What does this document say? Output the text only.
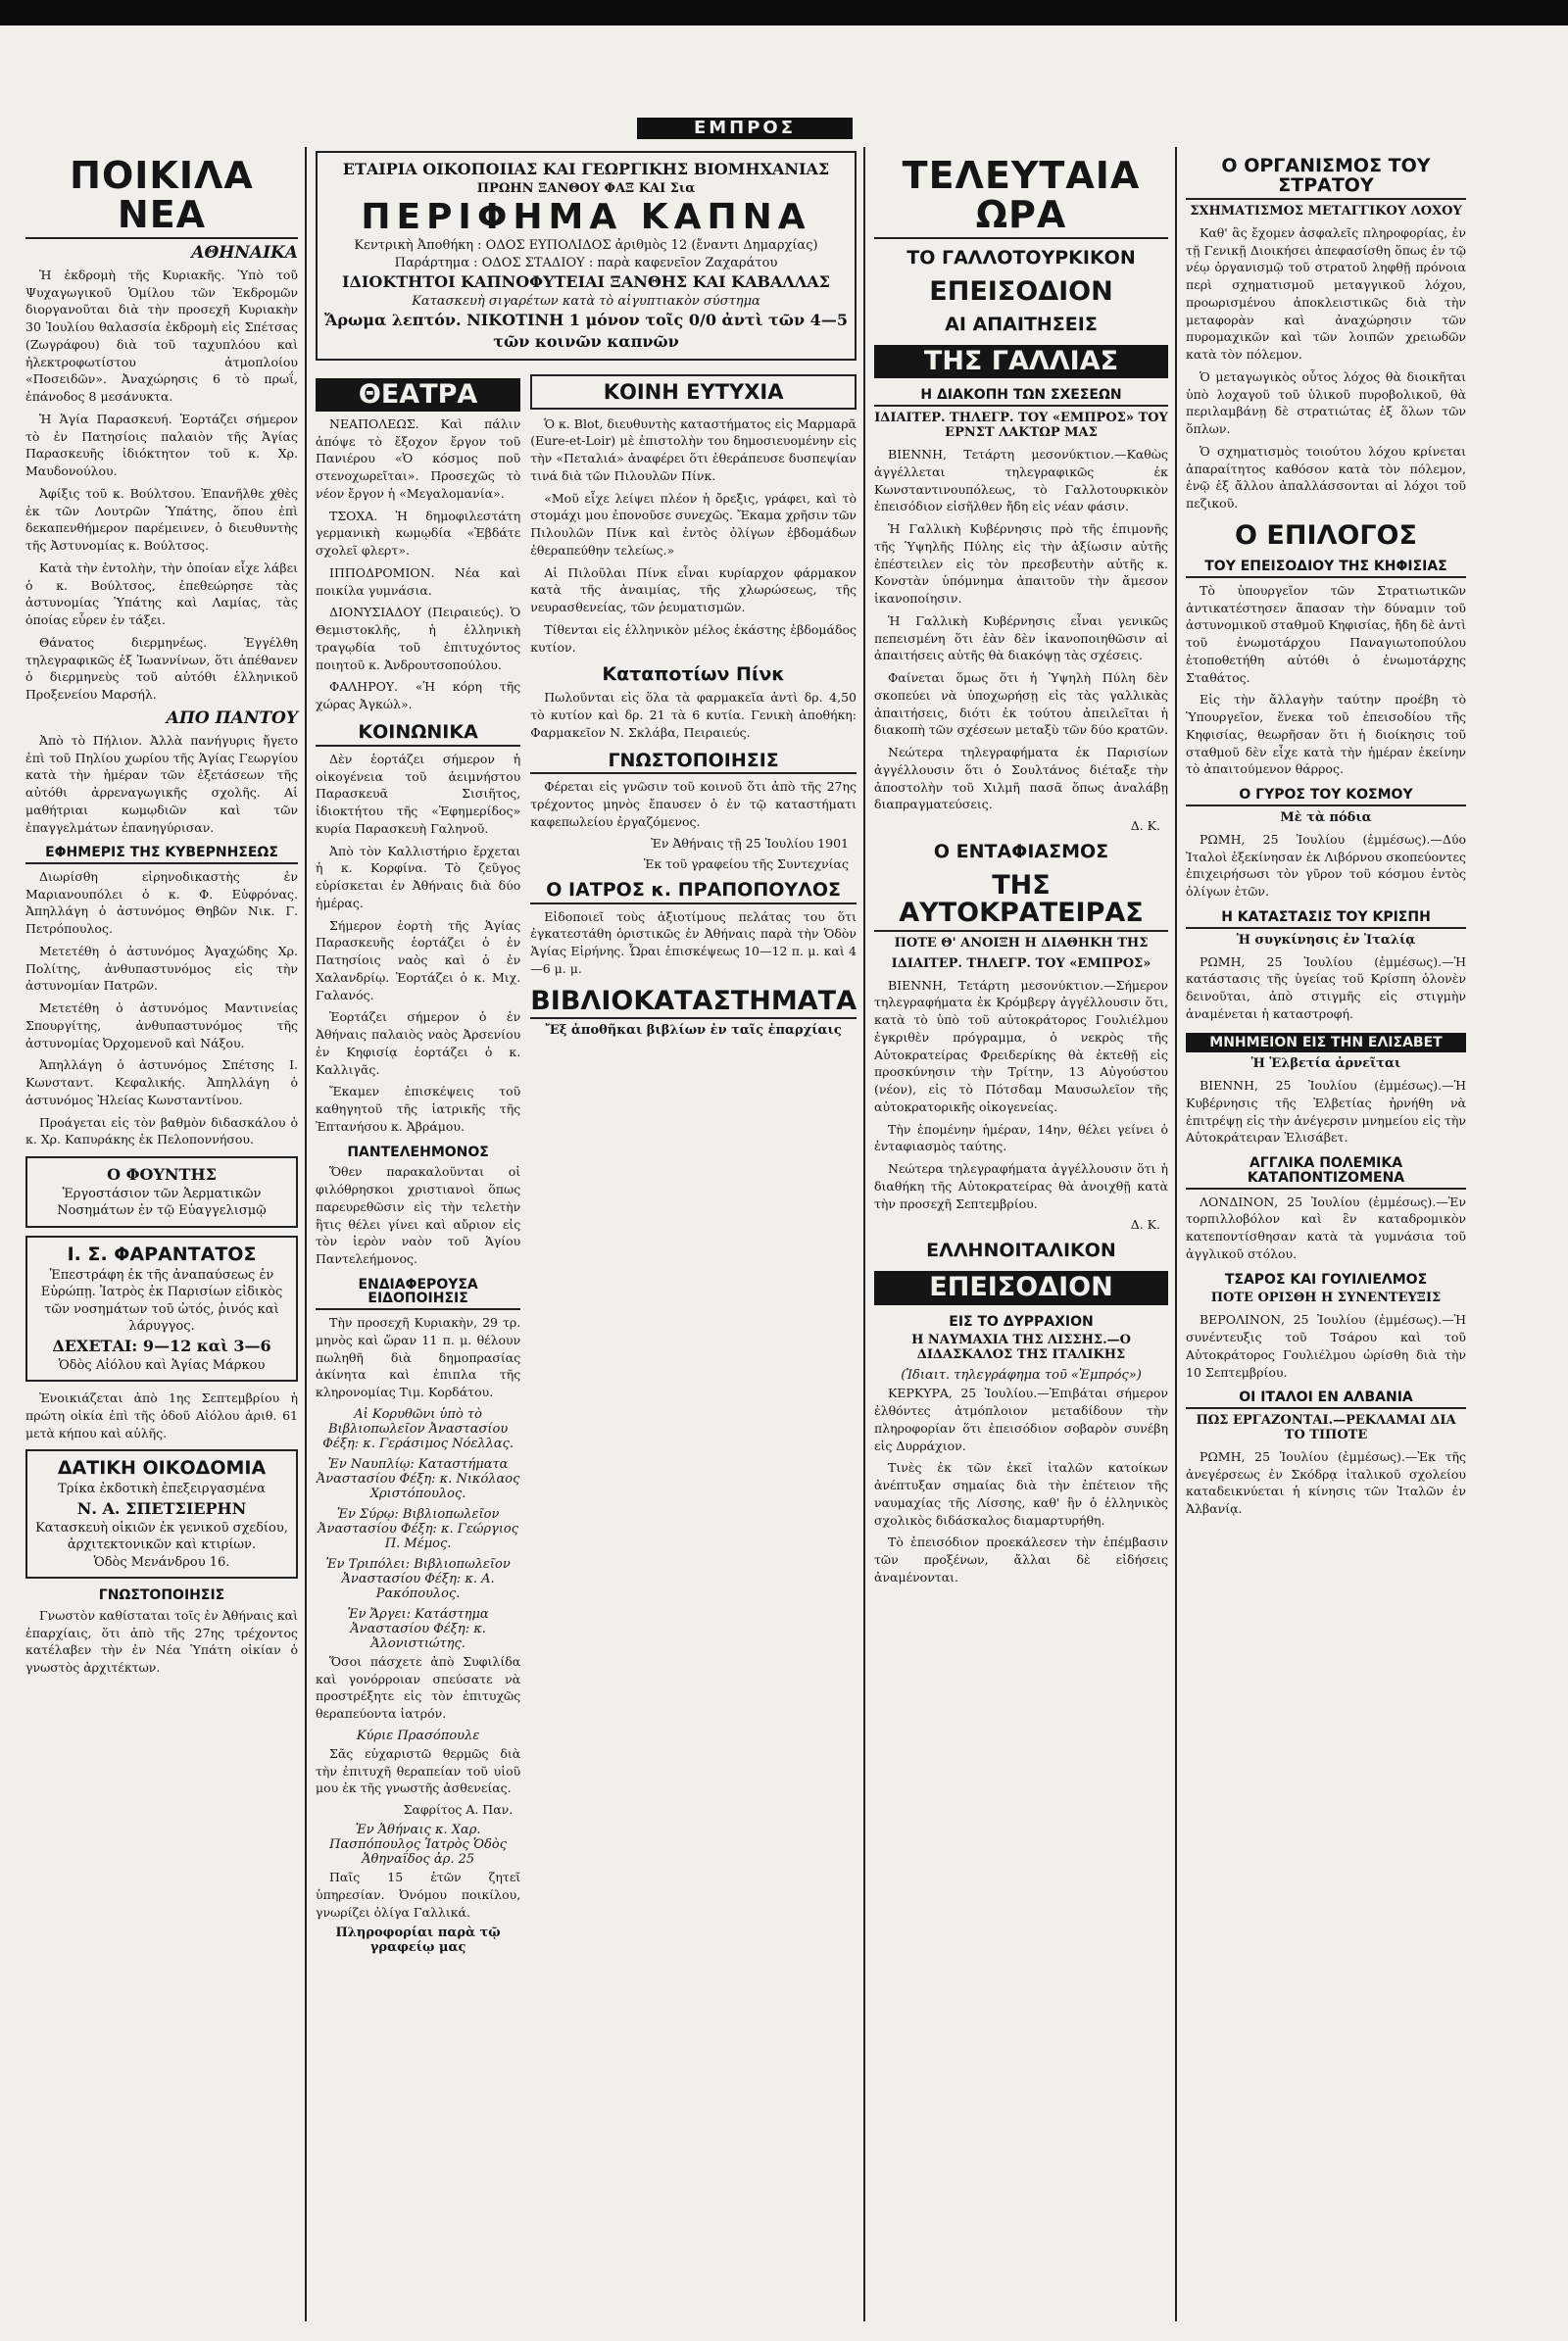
ΕΜΠΡΟΣ
ΠΟΙΚΙΛΑ ΝΕΑ
ΑΘΗΝΑΙΚΑ

Ἡ ἐκδρομὴ τῆς Κυριακῆς. Ὑπὸ τοῦ Ψυχαγωγικοῦ Ὁμίλου τῶν Ἐκδρομῶν διοργανοῦται διὰ τὴν προσεχῆ Κυριακὴν 30 Ἰουλίου θαλασσία ἐκδρομὴ εἰς Σπέτσας (Ζωγράφου) διὰ τοῦ ταχυπλόου καὶ ἠλεκτροφωτίστου ἀτμοπλοίου «Ποσειδῶν». Ἀναχώρησις 6 τὸ πρωΐ, ἐπάνοδος 8 μεσάνυκτα.

Ἡ Ἁγία Παρασκευή. Ἑορτάζει σήμερον τὸ ἐν Πατησίοις παλαιὸν τῆς Ἁγίας Παρασκευῆς ἰδιόκτητον τοῦ κ. Χρ. Μαυδονούλου.

Ἀφίξις τοῦ κ. Βούλτσου. Ἐπανῆλθε χθὲς ἐκ τῶν Λουτρῶν Ὑπάτης, ὅπου ἐπὶ δεκαπενθήμερον παρέμεινεν, ὁ διευθυντὴς τῆς Ἀστυνομίας κ. Βούλτσος.

Κατὰ τὴν ἐντολὴν, τὴν ὁποίαν εἶχε λάβει ὁ κ. Βούλτσος, ἐπεθεώρησε τὰς ἀστυνομίας Ὑπάτης καὶ Λαμίας, τὰς ὁποίας εὗρεν ἐν τάξει.

Θάνατος διερμηνέως. Ἐγγέλθη τηλεγραφικῶς ἐξ Ἰωαννίνων, ὅτι ἀπέθανεν ὁ διερμηνεὺς τοῦ αὐτόθι ἑλληνικοῦ Προξενείου Μαρσήλ.

ΑΠΟ ΠΑΝΤΟΥ

Ἀπὸ τὸ Πήλιον. Ἀλλὰ πανήγυρις ἤγετο ἐπὶ τοῦ Πηλίου χωρίου τῆς Ἁγίας Γεωργίου κατὰ τὴν ἡμέραν τῶν ἐξετάσεων τῆς αὐτόθι ἀρρεναγωγικῆς σχολῆς. Αἱ μαθήτριαι κωμῳδιῶν καὶ τῶν ἐπαγγελμάτων ἐπανηγύρισαν.

ΕΦΗΜΕΡΙΣ ΤΗΣ ΚΥΒΕΡΝΗΣΕΩΣ

Διωρίσθη εἰρηνοδικαστὴς ἐν Μαριανουπόλει ὁ κ. Φ. Εὐφρόνας. Ἀπηλλάγη ὁ ἀστυνόμος Θηβῶν Νικ. Γ. Πετρόπουλος.

Μετετέθη ὁ ἀστυνόμος Ἀγαχώδης Χρ. Πολίτης, ἀνθυπαστυνόμος εἰς τὴν ἀστυνομίαν Πατρῶν.

Μετετέθη ὁ ἀστυνόμος Μαντινείας Σπουργίτης, ἀνθυπαστυνόμος τῆς ἀστυνομίας Ὀρχομενοῦ καὶ Νάξου.

Ἀπηλλάγη ὁ ἀστυνόμος Σπέτσης Ι. Κωνσταντ. Κεφαλικής. Ἀπηλλάγη ὁ ἀστυνόμος Ἠλείας Κωνσταντίνου.

Προάγεται εἰς τὸν βαθμὸν διδασκάλου ὁ κ. Χρ. Καπυράκης ἐκ Πελοποννήσου.

Ο ΦΟΥΝΤΗΣ
Ἐργοστάσιον τῶν Ἀερματικῶν Νοσημάτων ἐν τῷ Εὐαγγελισμῷ
Ι. Σ. ΦΑΡΑΝΤΑΤΟΣ
Ἐπεστράφη ἐκ τῆς ἀναπαύσεως ἐν Εὐρώπῃ. Ἰατρὸς ἐκ Παρισίων εἰδικὸς τῶν νοσημάτων τοῦ ὠτός, ῥινός καὶ λάρυγγος.
ΔΕΧΕΤΑΙ: 9—12 καὶ 3—6
Ὁδὸς Αἰόλου καὶ Ἁγίας Μάρκου

Ἐνοικιάζεται ἀπὸ 1ης Σεπτεμβρίου ἡ πρώτη οἰκία ἐπὶ τῆς ὁδοῦ Αἰόλου ἀριθ. 61 μετὰ κήπου καὶ αὐλῆς.

ΔΑΤΙΚΗ ΟΙΚΟΔΟΜΙΑ
Τρίκα ἐκδοτικὴ ἐπεξειργασμένα
Ν. Α. ΣΠΕΤΣΙΕΡΗΝ
Κατασκευὴ οἰκιῶν ἐκ γενικοῦ σχεδίου, ἀρχιτεκτονικῶν καὶ κτιρίων.
Ὁδὸς Μενάνδρου 16.
ΓΝΩΣΤΟΠΟΙΗΣΙΣ

Γνωστὸν καθίσταται τοῖς ἐν Ἀθήναις καὶ ἐπαρχίαις, ὅτι ἀπὸ τῆς 27ης τρέχοντος κατέλαβεν τὴν ἐν Νέα Ὑπάτη οἰκίαν ὁ γνωστὸς ἀρχιτέκτων.

ΕΤΑΙΡΙΑ ΟΙΚΟΠΟΙΙΑΣ ΚΑΙ ΓΕΩΡΓΙΚΗΣ ΒΙΟΜΗΧΑΝΙΑΣ
ΠΡΩΗΝ ΞΑΝΘΟΥ ΦΑΞ ΚΑΙ Σια
ΠΕΡΙΦΗΜΑ ΚΑΠΝΑ
Κεντρικὴ Ἀποθήκη : ΟΔΟΣ ΕΥΠΟΛΙΔΟΣ ἀριθμὸς 12 (ἔναντι Δημαρχίας)
Παράρτημα : ΟΔΟΣ ΣΤΑΔΙΟΥ : παρὰ καφενεῖον Ζαχαράτου
ΙΔΙΟΚΤΗΤΟΙ ΚΑΠΝΟΦΥΤΕΙΑΙ ΞΑΝΘΗΣ ΚΑΙ ΚΑΒΑΛΛΑΣ
Κατασκευὴ σιγαρέτων κατὰ τὸ αἰγυπτιακὸν σύστημα
Ἄρωμα λεπτόν. ΝΙΚΟΤΙΝΗ 1 μόνον τοῖς 0/0 ἀντὶ τῶν 4—5 τῶν κοινῶν καπνῶν
ΘΕΑΤΡΑ

ΝΕΑΠΟΛΕΩΣ. Καὶ πάλιν ἀπόψε τὸ ἔξοχον ἔργον τοῦ Πανιέρου «Ὁ κόσμος ποῦ στενοχωρεῖται». Προσεχῶς τὸ νέον ἔργον ἡ «Μεγαλομανία».

ΤΣΟΧΑ. Ἡ δημοφιλεστάτη γερμανικὴ κωμῳδία «Ἑβδάτε σχολεῖ φλερτ».

ΙΠΠΟΔΡΟΜΙΟΝ. Νέα καὶ ποικίλα γυμνάσια.

ΔΙΟΝΥΣΙΑΔΟΥ (Πειραιεύς). Ὁ Θεμιστοκλῆς, ἡ ἑλληνικὴ τραγῳδία τοῦ ἐπιτυχόντος ποιητοῦ κ. Ἀνδρουτσοπούλου.

ΦΑΛΗΡΟΥ. «Ἡ κόρη τῆς χώρας Ἀγκώλ».

ΚΟΙΝΩΝΙΚΑ

Δὲν ἑορτάζει σήμερον ἡ οἰκογένεια τοῦ ἀειμνήστου Παρασκευᾶ Σισιῆτος, ἰδιοκτήτου τῆς «Ἐφημερίδος» κυρία Παρασκευὴ Γαληνοῦ.

Ἀπὸ τὸν Καλλιστήριο ἔρχεται ἡ κ. Κορφίνα. Τὸ ζεῦγος εὑρίσκεται ἐν Ἀθήναις διὰ δύο ἡμέρας.

Σήμερον ἑορτὴ τῆς Ἁγίας Παρασκευῆς ἑορτάζει ὁ ἐν Πατησίοις ναὸς καὶ ὁ ἐν Χαλανδρίῳ. Ἑορτάζει ὁ κ. Μιχ. Γαλανός.

Ἑορτάζει σήμερον ὁ ἐν Ἀθήναις παλαιὸς ναὸς Ἀρσενίου ἐν Κηφισίᾳ ἑορτάζει ὁ κ. Καλλιγᾶς.

Ἔκαμεν ἐπισκέψεις τοῦ καθηγητοῦ τῆς ἰατρικῆς τῆς Ἐπτανήσου κ. Ἀβράμου.

ΠΑΝΤΕΛΕΗΜΟΝΟΣ

Ὅθεν παρακαλοῦνται οἱ φιλόθρησκοι χριστιανοὶ ὅπως παρευρεθῶσιν εἰς τὴν τελετὴν ἣτις θέλει γίνει καὶ αὔριον εἰς τὸν ἱερὸν ναὸν τοῦ Ἁγίου Παντελεήμονος.

ΕΝΔΙΑΦΕΡΟΥΣΑ ΕΙΔΟΠΟΙΗΣΙΣ

Τὴν προσεχῆ Κυριακὴν, 29 τρ. μηνὸς καὶ ὥραν 11 π. μ. θέλουν πωληθῆ διὰ δημοπρασίας ἀκίνητα καὶ ἐπιπλα τῆς κληρονομίας Τιμ. Κορδάτου.

Αἱ Κορυθῶνι ὑπὸ τὸ Βιβλιοπωλεῖον Ἀναστασίου Φέξη: κ. Γεράσιμος Νόελλας.
Ἐν Ναυπλίῳ: Καταστήματα Ἀναστασίου Φέξη: κ. Νικόλαος Χριστόπουλος.
Ἐν Σύρῳ: Βιβλιοπωλεῖον Ἀναστασίου Φέξη: κ. Γεώργιος Π. Μέμος.
Ἐν Τριπόλει: Βιβλιοπωλεῖον Ἀναστασίου Φέξη: κ. Α. Ρακόπουλος.
Ἐν Ἄργει: Κατάστημα Ἀναστασίου Φέξη: κ. Ἀλονιστιώτης.

Ὅσοι πάσχετε ἀπὸ Συφιλίδα καὶ γονόρροιαν σπεύσατε νὰ προστρέξητε εἰς τὸν ἐπιτυχῶς θεραπεύοντα ἰατρόν.

Κύριε Πρασόπουλε

Σᾶς εὐχαριστῶ θερμῶς διὰ τὴν ἐπιτυχῆ θεραπείαν τοῦ υἱοῦ μου ἐκ τῆς γνωστῆς ἀσθενείας.

Σαφρίτος Α. Παν.
Ἐν Ἀθήναις κ. Χαρ. Πασπόπουλος Ἰατρὸς Ὁδὸς Ἀθηναΐδος ἀρ. 25

Παῖς 15 ἐτῶν ζητεῖ ὑπηρεσίαν. Ὀνόμου ποικίλου, γνωρίζει ὀλίγα Γαλλικά.

Πληροφορίαι παρὰ τῷ γραφείῳ μας
ΚΟΙΝΗ ΕΥΤΥΧΙΑ

Ὁ κ. Blot, διευθυντὴς καταστήματος εἰς Μαρμαρᾶ (Eure-et-Loir) μὲ ἐπιστολὴν του δημοσιευομένην εἰς τὴν «Πεταλιά» ἀναφέρει ὅτι ἐθεράπευσε δυσπεψίαν τινά διὰ τῶν Πιλουλῶν Πίνκ.

«Μοῦ εἶχε λείψει πλέον ἡ ὄρεξις, γράφει, καὶ τὸ στομάχι μου ἐπονοῦσε συνεχῶς. Ἔκαμα χρῆσιν τῶν Πιλουλῶν Πίνκ καὶ ἐντὸς ὀλίγων ἑβδομάδων ἐθεραπεύθην τελείως.»

Αἱ Πιλοῦλαι Πίνκ εἶναι κυρίαρχον φάρμακον κατὰ τῆς ἀναιμίας, τῆς χλωρώσεως, τῆς νευρασθενείας, τῶν ῥευματισμῶν.

Τίθενται εἰς ἑλληνικὸν μέλος ἑκάστης ἑβδομάδος κυτίον.

Καταποτίων Πίνκ

Πωλοῦνται εἰς ὅλα τὰ φαρμακεῖα ἀντὶ δρ. 4,50 τὸ κυτίον καὶ δρ. 21 τὰ 6 κυτία. Γενικὴ ἀποθήκη: Φαρμακεῖον Ν. Σκλάβα, Πειραιεύς.

ΓΝΩΣΤΟΠΟΙΗΣΙΣ

Φέρεται εἰς γνῶσιν τοῦ κοινοῦ ὅτι ἀπὸ τῆς 27ης τρέχοντος μηνὸς ἔπαυσεν ὁ ἐν τῷ καταστήματι καφεπωλείου ἐργαζόμενος.

Ἐν Ἀθήναις τῇ 25 Ἰουλίου 1901
Ἐκ τοῦ γραφείου τῆς Συντεχνίας
Ο ΙΑΤΡΟΣ κ. ΠΡΑΠΟΠΟΥΛΟΣ

Εἰδοποιεῖ τοὺς ἀξιοτίμους πελάτας του ὅτι ἐγκατεστάθη ὁριστικῶς ἐν Ἀθήναις παρὰ τὴν Ὁδὸν Ἁγίας Εἰρήνης. Ὧραι ἐπισκέψεως 10—12 π. μ. καὶ 4—6 μ. μ.

ΒΙΒΛΙΟΚΑΤΑΣΤΗΜΑΤΑ
Ἔξ ἀποθῆκαι βιβλίων ἐν ταῖς ἐπαρχίαις
ΤΕΛΕΥΤΑΙΑ ΩΡΑ
ΤΟ ΓΑΛΛΟΤΟΥΡΚΙΚΟΝ
ΕΠΕΙΣΟΔΙΟΝ
ΑΙ ΑΠΑΙΤΗΣΕΙΣ
ΤΗΣ ΓΑΛΛΙΑΣ
Η ΔΙΑΚΟΠΗ ΤΩΝ ΣΧΕΣΕΩΝ
ΙΔΙΑΙΤΕΡ. ΤΗΛΕΓΡ. ΤΟΥ «ΕΜΠΡΟΣ» ΤΟΥ ΕΡΝΣΤ ΛΑΚΤΩΡ ΜΑΣ

ΒΙΕΝΝΗ, Τετάρτη μεσονύκτιον.—Καθὼς ἀγγέλλεται τηλεγραφικῶς ἐκ Κωνσταντινουπόλεως, τὸ Γαλλοτουρκικὸν ἐπεισόδιον εἰσῆλθεν ἤδη εἰς νέαν φάσιν.

Ἡ Γαλλικὴ Κυβέρνησις πρὸ τῆς ἐπιμονῆς τῆς Ὑψηλῆς Πύλης εἰς τὴν ἀξίωσιν αὐτῆς ἐπέστειλεν εἰς τὸν πρεσβευτὴν αὐτῆς κ. Κονστὰν ὑπόμνημα ἀπαιτοῦν τὴν ἄμεσον ἱκανοποίησιν.

Ἡ Γαλλικὴ Κυβέρνησις εἶναι γενικῶς πεπεισμένη ὅτι ἐὰν δὲν ἱκανοποιηθῶσιν αἱ ἀπαιτήσεις αὐτῆς θὰ διακόψῃ τὰς σχέσεις.

Φαίνεται ὅμως ὅτι ἡ Ὑψηλὴ Πύλη δὲν σκοπεύει νὰ ὑποχωρήσῃ εἰς τὰς γαλλικὰς ἀπαιτήσεις, διότι ἐκ τούτου ἀπειλεῖται ἡ διακοπὴ τῶν σχέσεων μεταξὺ τῶν δύο κρατῶν.

Νεώτερα τηλεγραφήματα ἐκ Παρισίων ἀγγέλλουσιν ὅτι ὁ Σουλτάνος διέταξε τὴν ἀποστολὴν τοῦ Χιλμῆ πασᾶ ὅπως ἀναλάβῃ διαπραγματεύσεις.

Δ. Κ.
Ο ΕΝΤΑΦΙΑΣΜΟΣ
ΤΗΣ ΑΥΤΟΚΡΑΤΕΙΡΑΣ
ΠΟΤΕ Θ' ΑΝΟΙΞΗ Η ΔΙΑΘΗΚΗ ΤΗΣ
ΙΔΙΑΙΤΕΡ. ΤΗΛΕΓΡ. ΤΟΥ «ΕΜΠΡΟΣ»

ΒΙΕΝΝΗ, Τετάρτη μεσονύκτιον.—Σήμερον τηλεγραφήματα ἐκ Κρόμβεργ ἀγγέλλουσιν ὅτι, κατὰ τὸ ὑπὸ τοῦ αὐτοκράτορος Γουλιέλμου ἐγκριθὲν πρόγραμμα, ὁ νεκρὸς τῆς Αὐτοκρατείρας Φρειδερίκης θὰ ἐκτεθῇ εἰς προσκύνησιν τὴν Τρίτην, 13 Αὐγούστου (νέον), εἰς τὸ Πότσδαμ Μαυσωλεῖον τῆς αὐτοκρατορικῆς οἰκογενείας.

Τὴν ἑπομένην ἡμέραν, 14ην, θέλει γείνει ὁ ἐνταφιασμὸς ταύτης.

Νεώτερα τηλεγραφήματα ἀγγέλλουσιν ὅτι ἡ διαθήκη τῆς Αὐτοκρατείρας θὰ ἀνοιχθῇ κατὰ τὴν προσεχῆ Σεπτεμβρίου.

Δ. Κ.
ΕΛΛΗΝΟΙΤΑΛΙΚΟΝ
ΕΠΕΙΣΟΔΙΟΝ
ΕΙΣ ΤΟ ΔΥΡΡΑΧΙΟΝ
Η ΝΑΥΜΑΧΙΑ ΤΗΣ ΛΙΣΣΗΣ.—Ο ΔΙΔΑΣΚΑΛΟΣ ΤΗΣ ΙΤΑΛΙΚΗΣ
(Ἰδιαιτ. τηλεγράφημα τοῦ «Ἐμπρός»)

ΚΕΡΚΥΡΑ, 25 Ἰουλίου.—Ἐπιβάται σήμερον ἐλθόντες ἀτμόπλοιον μεταδίδουν τὴν πληροφορίαν ὅτι ἐπεισόδιον σοβαρὸν συνέβη εἰς Δυρράχιον.

Τινὲς ἐκ τῶν ἐκεῖ ἰταλῶν κατοίκων ἀνέπτυξαν σημαίας διὰ τὴν ἐπέτειον τῆς ναυμαχίας τῆς Λίσσης, καθ' ἣν ὁ ἑλληνικὸς σχολικὸς διδάσκαλος διαμαρτυρήθη.

Τὸ ἐπεισόδιον προεκάλεσεν τὴν ἐπέμβασιν τῶν προξένων, ἄλλαι δὲ εἰδήσεις ἀναμένονται.

Ο ΟΡΓΑΝΙΣΜΟΣ ΤΟΥ ΣΤΡΑΤΟΥ
ΣΧΗΜΑΤΙΣΜΟΣ ΜΕΤΑΓΓΙΚΟΥ ΛΟΧΟΥ

Καθ' ἃς ἔχομεν ἀσφαλεῖς πληροφορίας, ἐν τῇ Γενικῇ Διοικήσει ἀπεφασίσθη ὅπως ἐν τῷ νέῳ ὀργανισμῷ τοῦ στρατοῦ ληφθῇ πρόνοια περὶ σχηματισμοῦ μεταγγικοῦ λόχου, προωρισμένου ἀποκλειστικῶς διὰ τὴν μεταφορὰν καὶ ἀναχώρησιν τῶν πυρομαχικῶν καὶ τῶν λοιπῶν χρειωδῶν κατὰ τὸν πόλεμον.

Ὁ μεταγωγικὸς οὗτος λόχος θὰ διοικῆται ὑπὸ λοχαγοῦ τοῦ ὑλικοῦ πυροβολικοῦ, θὰ περιλαμβάνῃ δὲ στρατιώτας ἐξ ὅλων τῶν ὅπλων.

Ὁ σχηματισμὸς τοιούτου λόχου κρίνεται ἀπαραίτητος καθόσον κατὰ τὸν πόλεμον, ἐνῷ ἐξ ἄλλου ἀπαλλάσσονται αἱ λόχοι τοῦ πεζικοῦ.

Ο ΕΠΙΛΟΓΟΣ
ΤΟΥ ΕΠΕΙΣΟΔΙΟΥ ΤΗΣ ΚΗΦΙΣΙΑΣ

Τὸ ὑπουργεῖον τῶν Στρατιωτικῶν ἀντικατέστησεν ἅπασαν τὴν δύναμιν τοῦ ἀστυνομικοῦ σταθμοῦ Κηφισίας, ἤδη δὲ ἀντὶ τοῦ ἐνωμοτάρχου Παναγιωτοπούλου ἐτοποθετήθη αὐτόθι ὁ ἐνωμοτάρχης Σταθάτος.

Εἰς τὴν ἄλλαγὴν ταύτην προέβη τὸ Ὑπουργεῖον, ἕνεκα τοῦ ἐπεισοδίου τῆς Κηφισίας, θεωρῆσαν ὅτι ἡ διοίκησις τοῦ σταθμοῦ δὲν εἶχε κατὰ τὴν ἡμέραν ἐκείνην τὸ ἀπαιτούμενον θάρρος.

Ο ΓΥΡΟΣ ΤΟΥ ΚΟΣΜΟΥ
Μὲ τὰ πόδια

ΡΩΜΗ, 25 Ἰουλίου (ἐμμέσως).—Δύο Ἰταλοὶ ἐξεκίνησαν ἐκ Λιβόρνου σκοπεύοντες ἐπιχειρήσωσι τὸν γῦρον τοῦ κόσμου ἐντὸς ὀλίγων ἐτῶν.

Η ΚΑΤΑΣΤΑΣΙΣ ΤΟΥ ΚΡΙΣΠΗ
Ἡ συγκίνησις ἐν Ἰταλίᾳ

ΡΩΜΗ, 25 Ἰουλίου (ἐμμέσως).—Ἡ κατάστασις τῆς ὑγείας τοῦ Κρίσπη ὁλονὲν δεινοῦται, ἀπὸ στιγμῆς εἰς στιγμὴν ἀναμένεται ἡ καταστροφή.

ΜΝΗΜΕΙΟΝ ΕΙΣ ΤΗΝ ΕΛΙΣΑΒΕΤ
Ἡ Ἑλβετία ἀρνεῖται

ΒΙΕΝΝΗ, 25 Ἰουλίου (ἐμμέσως).—Ἡ Κυβέρνησις τῆς Ἑλβετίας ἠρνήθη νὰ ἐπιτρέψῃ εἰς τὴν ἀνέγερσιν μνημείου εἰς τὴν Αὐτοκράτειραν Ἐλισάβετ.

ΑΓΓΛΙΚΑ ΠΟΛΕΜΙΚΑ ΚΑΤΑΠΟΝΤΙΖΟΜΕΝΑ

ΛΟΝΔΙΝΟΝ, 25 Ἰουλίου (ἐμμέσως).—Ἐν τορπιλλοβόλον καὶ ἓν καταδρομικὸν κατεποντίσθησαν κατὰ τὰ γυμνάσια τοῦ ἀγγλικοῦ στόλου.

ΤΣΑΡΟΣ ΚΑΙ ΓΟΥΙΛΙΕΛΜΟΣ
ΠΟΤΕ ΟΡΙΣΘΗ Η ΣΥΝΕΝΤΕΥΞΙΣ

ΒΕΡΟΛΙΝΟΝ, 25 Ἰουλίου (ἐμμέσως).—Ἡ συνέντευξις τοῦ Τσάρου καὶ τοῦ Αὐτοκράτορος Γουλιέλμου ὡρίσθη διὰ τὴν 10 Σεπτεμβρίου.

ΟΙ ΙΤΑΛΟΙ ΕΝ ΑΛΒΑΝΙΑ
ΠΩΣ ΕΡΓΑΖΟΝΤΑΙ.—ΡΕΚΛΑΜΑΙ ΔΙΑ ΤΟ ΤΙΠΟΤΕ

ΡΩΜΗ, 25 Ἰουλίου (ἐμμέσως).—Ἐκ τῆς ἀνεγέρσεως ἐν Σκόδρᾳ ἰταλικοῦ σχολείου καταδεικνύεται ἡ κίνησις τῶν Ἰταλῶν ἐν Ἀλβανίᾳ.
